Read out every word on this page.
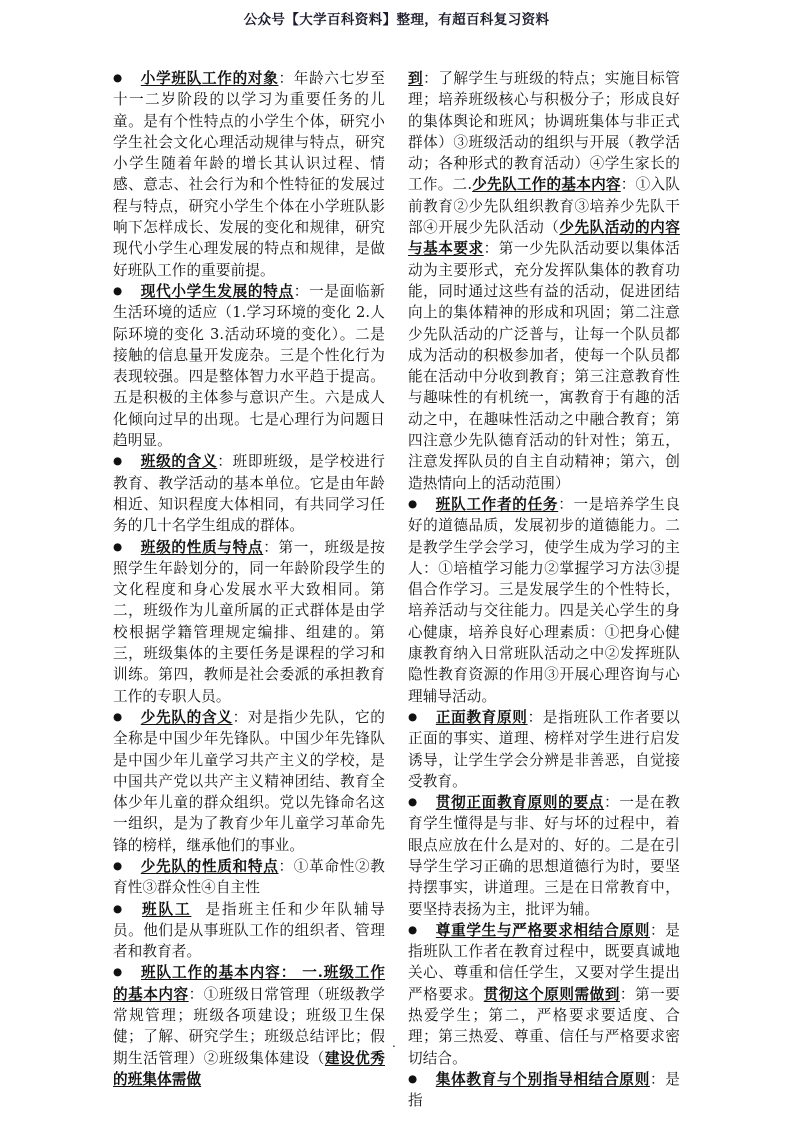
公众号【大学百科资料】整理，有超百科复习资料

● 小学班队工作的对象：年龄六七岁至十一二岁阶段的以学习为重要任务的儿童。是有个性特点的小学生个体，研究小学生社会文化心理活动规律与特点，研究小学生随着年龄的增长其认识过程、情感、意志、社会行为和个性特征的发展过程与特点，研究小学生个体在小学班队影响下怎样成长、发展的变化和规律，研究现代小学生心理发展的特点和规律，是做好班队工作的重要前提。

● 现代小学生发展的特点：一是面临新生活环境的适应（1.学习环境的变化 2.人际环境的变化 3.活动环境的变化）。二是接触的信息量开发庞杂。三是个性化行为表现较强。四是整体智力水平趋于提高。五是积极的主体参与意识产生。六是成人化倾向过早的出现。七是心理行为问题日趋明显。

● 班级的含义：班即班级，是学校进行教育、教学活动的基本单位。它是由年龄相近、知识程度大体相同，有共同学习任务的几十名学生组成的群体。

● 班级的性质与特点：第一，班级是按照学生年龄划分的，同一年龄阶段学生的文化程度和身心发展水平大致相同。第二，班级作为儿童所属的正式群体是由学校根据学籍管理规定编排、组建的。第三，班级集体的主要任务是课程的学习和训练。第四，教师是社会委派的承担教育工作的专职人员。

● 少先队的含义：对是指少先队，它的全称是中国少年先锋队。中国少年先锋队是中国少年儿童学习共产主义的学校，是中国共产党以共产主义精神团结、教育全体少年儿童的群众组织。党以先锋命名这一组织，是为了教育少年儿童学习革命先锋的榜样，继承他们的事业。

● 少先队的性质和特点：①革命性②教育性③群众性④自主性

● 班队工 是指班主任和少年队辅导员。他们是从事班队工作的组织者、管理者和教育者。

● 班队工作的基本内容： 一.班级工作的基本内容：①班级日常管理（班级教学常规管理；班级各项建设；班级卫生保健；了解、研究学生；班级总结评比；假期生活管理）②班级集体建设（建设优秀的班集体需做

到：了解学生与班级的特点；实施目标管理；培养班级核心与积极分子；形成良好的集体舆论和班风；协调班集体与非正式群体）③班级活动的组织与开展（教学活动；各种形式的教育活动）④学生家长的工作。二.少先队工作的基本内容：①入队前教育②少先队组织教育③培养少先队干部④开展少先队活动（少先队活动的内容与基本要求：第一少先队活动要以集体活动为主要形式，充分发挥队集体的教育功能，同时通过这些有益的活动，促进团结向上的集体精神的形成和巩固；第二注意少先队活动的广泛普与，让每一个队员都成为活动的积极参加者，使每一个队员都能在活动中分收到教育；第三注意教育性与趣味性的有机统一，寓教育于有趣的活动之中，在趣味性活动之中融合教育；第四注意少先队德育活动的针对性；第五，注意发挥队员的自主自动精神；第六，创造热情向上的活动范围）

● 班队工作者的任务：一是培养学生良好的道德品质，发展初步的道德能力。二是教学生学会学习，使学生成为学习的主人：①培植学习能力②掌握学习方法③提倡合作学习。三是发展学生的个性特长，培养活动与交往能力。四是关心学生的身心健康，培养良好心理素质：①把身心健康教育纳入日常班队活动之中②发挥班队隐性教育资源的作用③开展心理咨询与心理辅导活动。

● 正面教育原则：是指班队工作者要以正面的事实、道理、榜样对学生进行启发诱导，让学生学会分辨是非善恶，自觉接受教育。

● 贯彻正面教育原则的要点：一是在教育学生懂得是与非、好与坏的过程中，着眼点应放在什么是对的、好的。二是在引导学生学习正确的思想道德行为时，要坚持摆事实，讲道理。三是在日常教育中，要坚持表扬为主，批评为辅。

● 尊重学生与严格要求相结合原则：是指班队工作者在教育过程中，既要真诚地关心、尊重和信任学生，又要对学生提出严格要求。贯彻这个原则需做到：第一要热爱学生；第二，严格要求要适度、合理；第三热爱、尊重、信任与严格要求密切结合。

● 集体教育与个别指导相结合原则：是指

.
